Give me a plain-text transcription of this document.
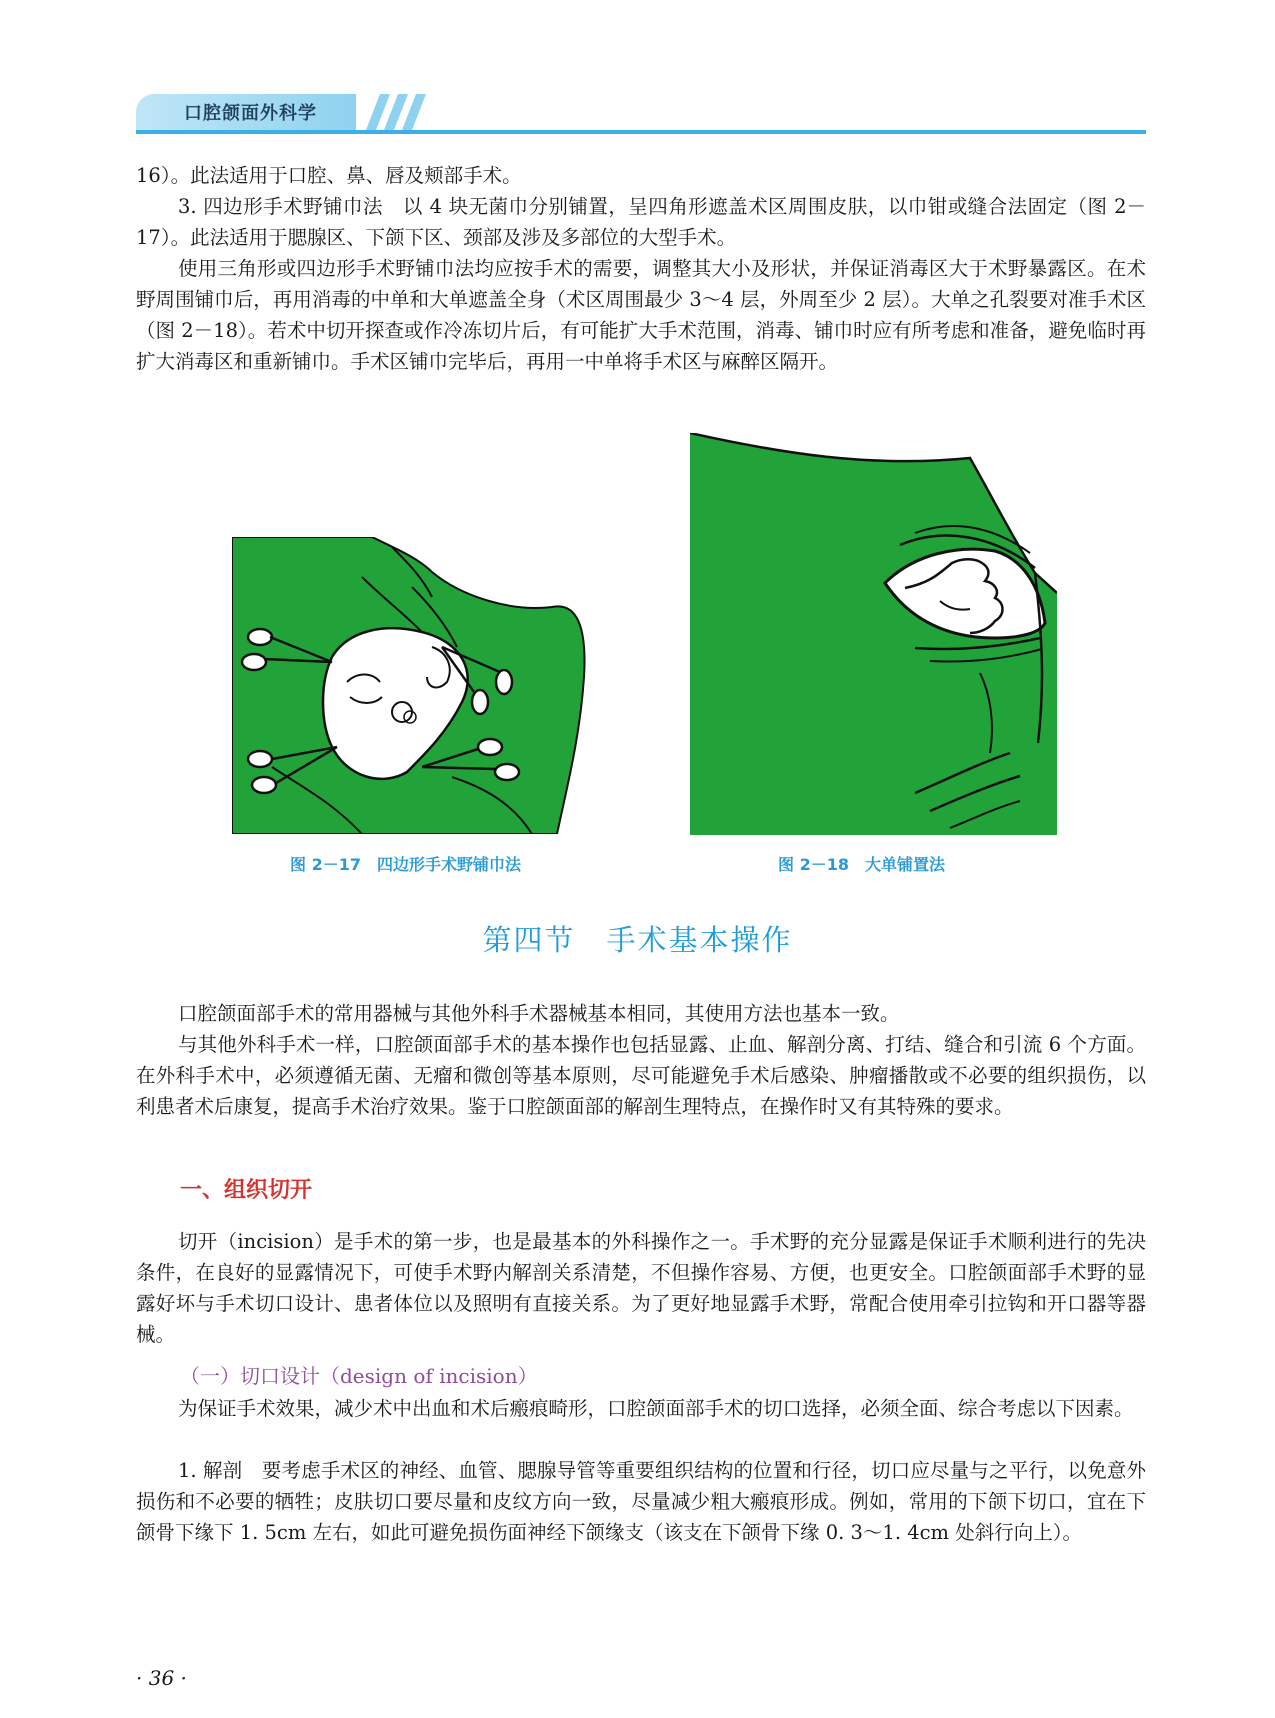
口腔颌面外科学

16）。此法适用于口腔、鼻、唇及颊部手术。

3. 四边形手术野铺巾法　以 4 块无菌巾分别铺置，呈四角形遮盖术区周围皮肤，以巾钳或缝合法固定（图 2－17）。此法适用于腮腺区、下颌下区、颈部及涉及多部位的大型手术。

使用三角形或四边形手术野铺巾法均应按手术的需要，调整其大小及形状，并保证消毒区大于术野暴露区。在术野周围铺巾后，再用消毒的中单和大单遮盖全身（术区周围最少 3～4 层，外周至少 2 层）。大单之孔裂要对准手术区（图 2－18）。若术中切开探查或作冷冻切片后，有可能扩大手术范围，消毒、铺巾时应有所考虑和准备，避免临时再扩大消毒区和重新铺巾。手术区铺巾完毕后，再用一中单将手术区与麻醉区隔开。

图 2－17　四边形手术野铺巾法	图 2－18　大单铺置法
第四节　手术基本操作

口腔颌面部手术的常用器械与其他外科手术器械基本相同，其使用方法也基本一致。

与其他外科手术一样，口腔颌面部手术的基本操作也包括显露、止血、解剖分离、打结、缝合和引流 6 个方面。在外科手术中，必须遵循无菌、无瘤和微创等基本原则，尽可能避免手术后感染、肿瘤播散或不必要的组织损伤，以利患者术后康复，提高手术治疗效果。鉴于口腔颌面部的解剖生理特点，在操作时又有其特殊的要求。

一、组织切开

切开（incision）是手术的第一步，也是最基本的外科操作之一。手术野的充分显露是保证手术顺利进行的先决条件，在良好的显露情况下，可使手术野内解剖关系清楚，不但操作容易、方便，也更安全。口腔颌面部手术野的显露好坏与手术切口设计、患者体位以及照明有直接关系。为了更好地显露手术野，常配合使用牵引拉钩和开口器等器械。

（一）切口设计（design of incision）

为保证手术效果，减少术中出血和术后瘢痕畸形，口腔颌面部手术的切口选择，必须全面、综合考虑以下因素。

1. 解剖　要考虑手术区的神经、血管、腮腺导管等重要组织结构的位置和行径，切口应尽量与之平行，以免意外损伤和不必要的牺牲；皮肤切口要尽量和皮纹方向一致，尽量减少粗大瘢痕形成。例如，常用的下颌下切口，宜在下颌骨下缘下 1. 5cm 左右，如此可避免损伤面神经下颌缘支（该支在下颌骨下缘 0. 3～1. 4cm 处斜行向上）。

· 36 ·
